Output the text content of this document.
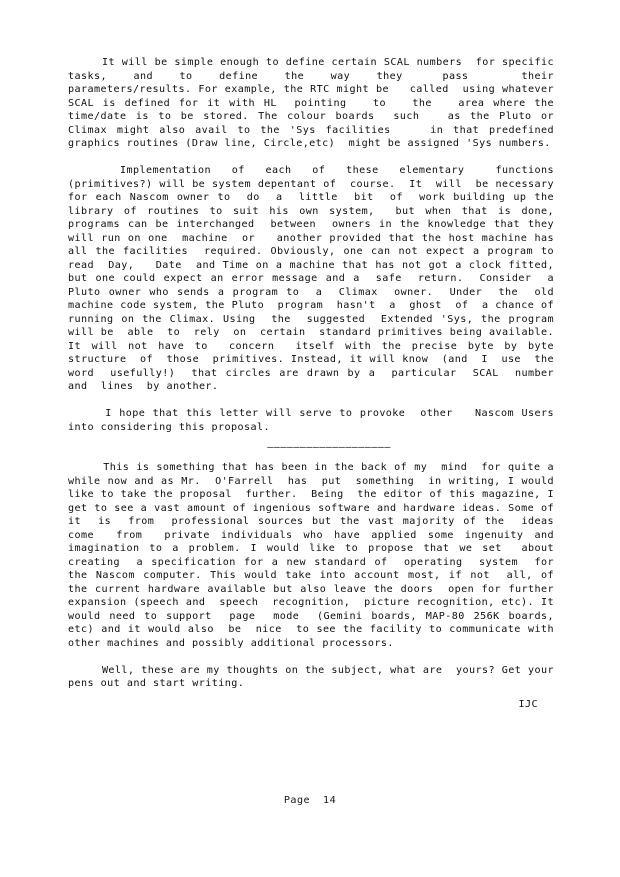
It will be simple enough to define certain SCAL numbers  for specific  tasks,  and  to  define  the  way  they   pass    their parameters/results. For example, the RTC might be   called  using whatever SCAL is defined for it with HL  pointing   to   the   area where the time/date is to be stored. The colour boards  such   as the Pluto or Climax might also avail to the 'Sys facilities    in that predefined graphics routines (Draw line, Circle,etc)  might be assigned 'Sys numbers.

Implementation  of  each  of  these  elementary   functions (primitives?) will be system depentant of  course.  It  will  be necessary for each Nascom owner to  do  a  little  bit  of  work building up the library of routines to suit his own system,  but when that is done, programs can be interchanged  between  owners in the knowledge that they will run on one  machine  or   another provided that the host machine has all the facilities  required. Obviously, one can not expect a program to read  Day,   Date  and Time on a machine that has not got a clock fitted, but one could expect an error message and a  safe  return.  Consider  a  Pluto owner who sends a program to  a  Climax  owner.  Under  the  old machine code system, the Pluto  program  hasn't  a  ghost  of  a chance of running on the Climax. Using  the  suggested  Extended 'Sys, the program will be  able  to  rely  on  certain  standard primitives being available. It will not have to  concern  itself with the precise byte by byte  structure  of  those  primitives. Instead, it will know  (and  I  use  the  word  usefully!)  that circles are drawn by a  particular  SCAL  number  and  lines  by another.

I hope that this letter will serve to provoke  other   Nascom Users into considering this proposal.

———————————————————

This is something that has been in the back of my  mind  for quite a while now and as Mr.  O'Farrell  has  put  something  in writing, I would like to take the proposal  further.  Being  the editor of this magazine, I get to see a vast amount of ingenious software and hardware ideas. Some of  it  is  from  professional sources but the vast majority of the  ideas  come  from  private individuals who have applied some ingenuity and imagination to a problem. I would like to propose that we set  about  creating  a specification for a new standard of  operating  system  for  the Nascom computer. This would take into account most, if not  all, of the current hardware available but also leave the doors  open for further expansion (speech and  speech  recognition,  picture recognition, etc). It would need to support  page  mode  (Gemini boards, MAP-80 256K boards, etc) and it would also  be  nice  to see the facility to communicate with other machines and possibly additional processors.

Well, these are my thoughts on the subject, what are  yours? Get your pens out and start writing.

IJC
Page  14
